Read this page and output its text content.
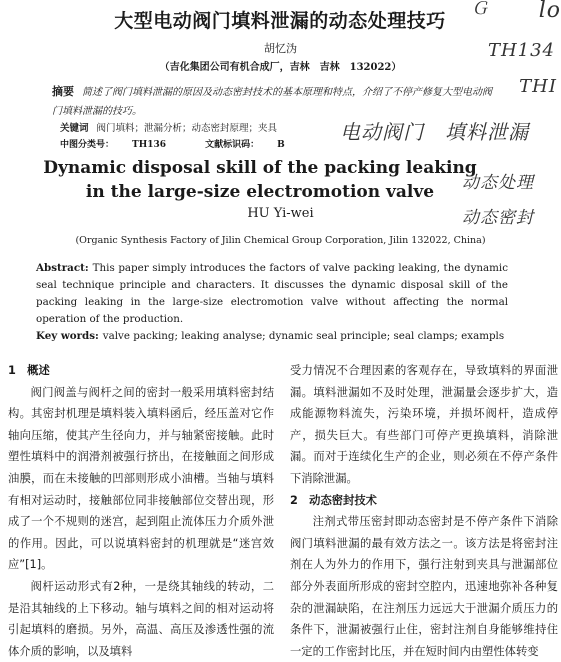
大型电动阀门填料泄漏的动态处理技巧
胡忆沩
（吉化集团公司有机合成厂，吉林　吉林　132022）
摘要 简述了阀门填料泄漏的原因及动态密封技术的基本原理和特点，介绍了不停产修复大型电动阀门填料泄漏的技巧。
关键词 阀门填料；泄漏分析；动态密封原理；夹具
中图分类号： TH136	文献标识码： B
Dynamic disposal skill of the packing leaking
in the large-size electromotion valve
HU Yi-wei
(Organic Synthesis Factory of Jilin Chemical Group Corporation, Jilin 132022, China)
Abstract: This paper simply introduces the factors of valve packing leaking, the dynamic seal technique principle and characters. It discusses the dynamic disposal skill of the packing leaking in the large-size electromotion valve without affecting the normal operation of the production.
Key words: valve packing; leaking analyse; dynamic seal principle; seal clamps; exampls

1　概述

阀门阀盖与阀杆之间的密封一般采用填料密封结构。其密封机理是填料装入填料函后，经压盖对它作轴向压缩，使其产生径向力，并与轴紧密接触。此时塑性填料中的润滑剂被强行挤出，在接触面之间形成油膜，而在未接触的凹部则形成小油槽。当轴与填料有相对运动时，接触部位同非接触部位交替出现，形成了一个不规则的迷宫，起到阻止流体压力介质外泄的作用。因此，可以说填料密封的机理就是“迷宫效应”[1]。

阀杆运动形式有2种，一是绕其轴线的转动，二是沿其轴线的上下移动。轴与填料之间的相对运动将引起填料的磨损。另外，高温、高压及渗透性强的流体介质的影响，以及填料

受力情况不合理因素的客观存在，导致填料的界面泄漏。填料泄漏如不及时处理，泄漏量会逐步扩大，造成能源物料流失，污染环境，并损坏阀杆，造成停产，损失巨大。有些部门可停产更换填料，消除泄漏。而对于连续化生产的企业，则必须在不停产条件下消除泄漏。

2　动态密封技术

注剂式带压密封即动态密封是不停产条件下消除阀门填料泄漏的最有效方法之一。该方法是将密封注剂在人为外力的作用下，强行注射到夹具与泄漏部位部分外表面所形成的密封空腔内，迅速地弥补各种复杂的泄漏缺陷，在注剂压力远远大于泄漏介质压力的条件下，泄漏被强行止住，密封注剂自身能够维持住一定的工作密封比压，并在短时间内由塑性体转变

Ｇ lo
TH134
THI
电动阀门　填料泄漏
动态处理
动态密封
